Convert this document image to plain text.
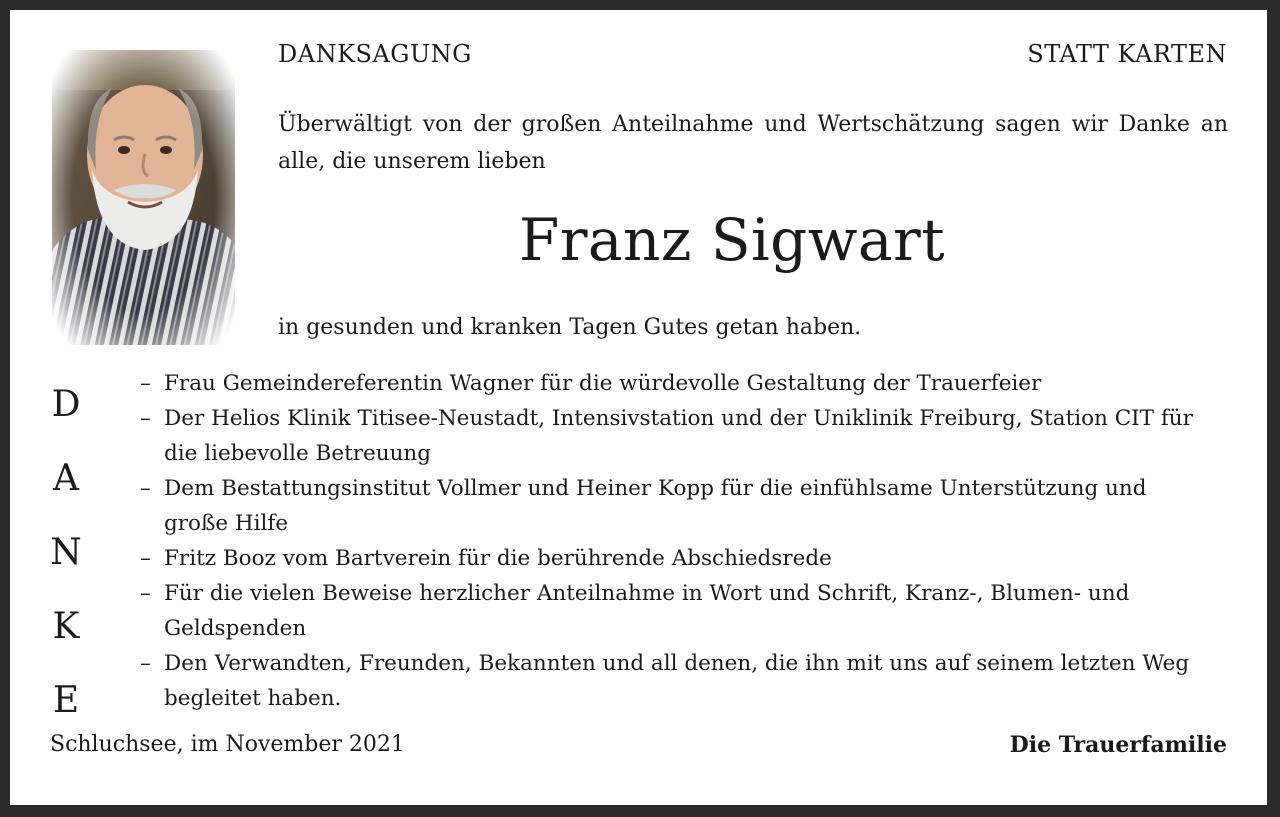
DANKSAGUNG	STATT KARTEN
Überwältigt von der großen Anteilnahme und Wertschätzung sagen wir Danke an alle, die unserem lieben
Franz Sigwart
in gesunden und kranken Tagen Gutes getan haben.
D
A
N
K
E
– Frau Gemeindereferentin Wagner für die würdevolle Gestaltung der Trauerfeier
– Der Helios Klinik Titisee-Neustadt, Intensivstation und der Uniklinik Freiburg, Station CIT für die liebevolle Betreuung
– Dem Bestattungsinstitut Vollmer und Heiner Kopp für die einfühlsame Unterstützung und große Hilfe
– Fritz Booz vom Bartverein für die berührende Abschiedsrede
– Für die vielen Beweise herzlicher Anteilnahme in Wort und Schrift, Kranz-, Blumen- und Geldspenden
– Den Verwandten, Freunden, Bekannten und all denen, die ihn mit uns auf seinem letzten Weg begleitet haben.
Schluchsee, im November 2021	Die Trauerfamilie
